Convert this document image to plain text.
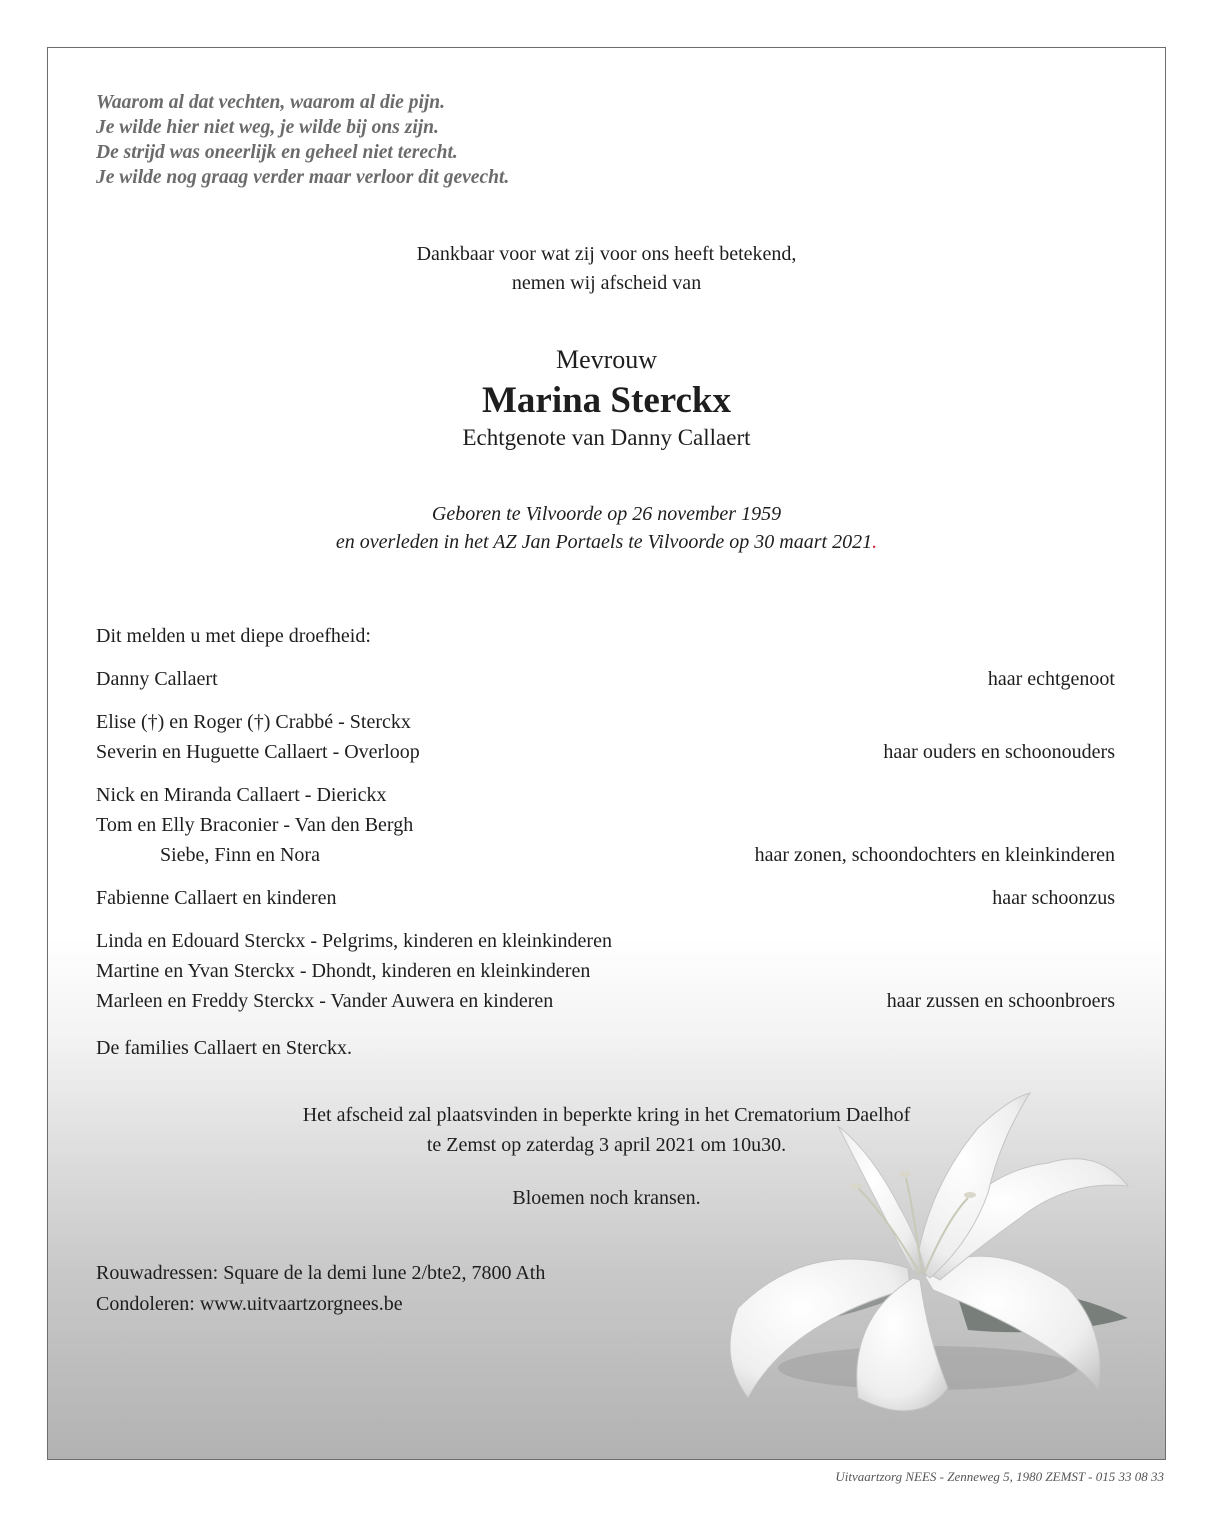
Waarom al dat vechten, waarom al die pijn.
Je wilde hier niet weg, je wilde bij ons zijn.
De strijd was oneerlijk en geheel niet terecht.
Je wilde nog graag verder maar verloor dit gevecht.
Dankbaar voor wat zij voor ons heeft betekend,
nemen wij afscheid van
Mevrouw
Marina Sterckx
Echtgenote van Danny Callaert
Geboren te Vilvoorde op 26 november 1959
en overleden in het AZ Jan Portaels te Vilvoorde op 30 maart 2021.
Dit melden u met diepe droefheid:
Danny Callaert	haar echtgenoot
Elise (†) en Roger (†) Crabbé - Sterckx
Severin en Huguette Callaert - Overloop	haar ouders en schoonouders
Nick en Miranda Callaert - Dierickx
Tom en Elly Braconier - Van den Bergh
Siebe, Finn en Nora	haar zonen, schoondochters en kleinkinderen
Fabienne Callaert en kinderen	haar schoonzus
Linda en Edouard Sterckx - Pelgrims, kinderen en kleinkinderen
Martine en Yvan Sterckx - Dhondt, kinderen en kleinkinderen
Marleen en Freddy Sterckx - Vander Auwera en kinderen	haar zussen en schoonbroers
De families Callaert en Sterckx.
Het afscheid zal plaatsvinden in beperkte kring in het Crematorium Daelhof
te Zemst op zaterdag 3 april 2021 om 10u30.
Bloemen noch kransen.
Rouwadressen: Square de la demi lune 2/bte2, 7800 Ath
Condoleren: www.uitvaartzorgnees.be
Uitvaartzorg NEES - Zenneweg 5, 1980 ZEMST - 015 33 08 33
